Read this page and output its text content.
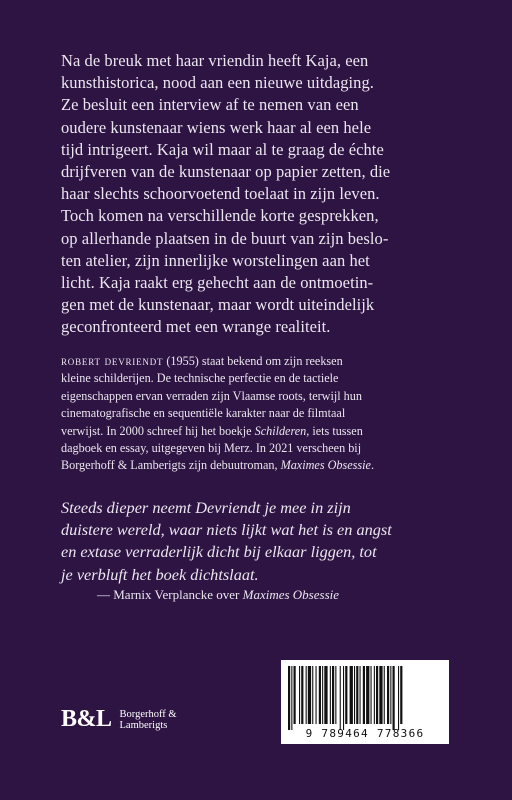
Na de breuk met haar vriendin heeft Kaja, een
kunsthistorica, nood aan een nieuwe uitdaging.
Ze besluit een interview af te nemen van een
oudere kunstenaar wiens werk haar al een hele
tijd intrigeert. Kaja wil maar al te graag de échte
drijfveren van de kunstenaar op papier zetten, die
haar slechts schoorvoetend toelaat in zijn leven.
Toch komen na verschillende korte gesprekken,
op allerhande plaatsen in de buurt van zijn beslo-
ten atelier, zijn innerlijke worstelingen aan het
licht. Kaja raakt erg gehecht aan de ontmoetin-
gen met de kunstenaar, maar wordt uiteindelijk
geconfronteerd met een wrange realiteit.
robert devriendt (1955) staat bekend om zijn reeksen
kleine schilderijen. De technische perfectie en de tactiele
eigenschappen ervan verraden zijn Vlaamse roots, terwijl hun
cinematografische en sequentiële karakter naar de filmtaal
verwijst. In 2000 schreef hij het boekje Schilderen, iets tussen
dagboek en essay, uitgegeven bij Merz. In 2021 verscheen bij
Borgerhoff & Lamberigts zijn debuutroman, Maximes Obsessie.
Steeds dieper neemt Devriendt je mee in zijn
duistere wereld, waar niets lijkt wat het is en angst
en extase verraderlijk dicht bij elkaar liggen, tot
je verbluft het boek dichtslaat.
— Marnix Verplancke over Maximes Obsessie
B&L Borgerhoff &
Lamberigts
9 789464 778366
